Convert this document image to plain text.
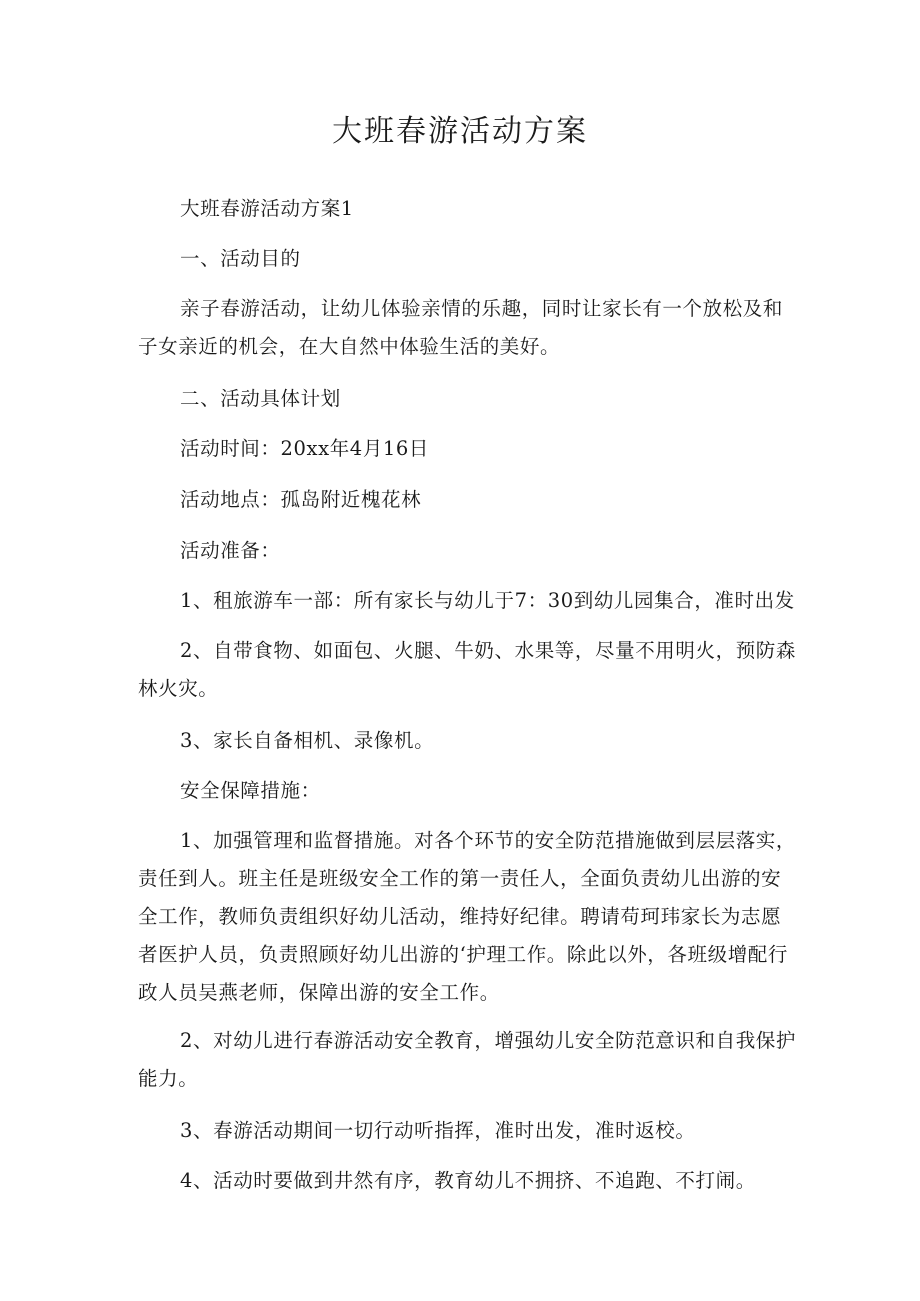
大班春游活动方案

大班春游活动方案1

一、活动目的

亲子春游活动，让幼儿体验亲情的乐趣，同时让家长有一个放松及和子女亲近的机会，在大自然中体验生活的美好。

二、活动具体计划

活动时间：20xx年4月16日

活动地点：孤岛附近槐花林

活动准备：

1、租旅游车一部：所有家长与幼儿于7：30到幼儿园集合，准时出发

2、自带食物、如面包、火腿、牛奶、水果等，尽量不用明火，预防森林火灾。

3、家长自备相机、录像机。

安全保障措施：

1、加强管理和监督措施。对各个环节的安全防范措施做到层层落实，责任到人。班主任是班级安全工作的第一责任人，全面负责幼儿出游的安全工作，教师负责组织好幼儿活动，维持好纪律。聘请苟珂玮家长为志愿者医护人员，负责照顾好幼儿出游的‘护理工作。除此以外，各班级增配行政人员吴燕老师，保障出游的安全工作。

2、对幼儿进行春游活动安全教育，增强幼儿安全防范意识和自我保护能力。

3、春游活动期间一切行动听指挥，准时出发，准时返校。

4、活动时要做到井然有序，教育幼儿不拥挤、不追跑、不打闹。
